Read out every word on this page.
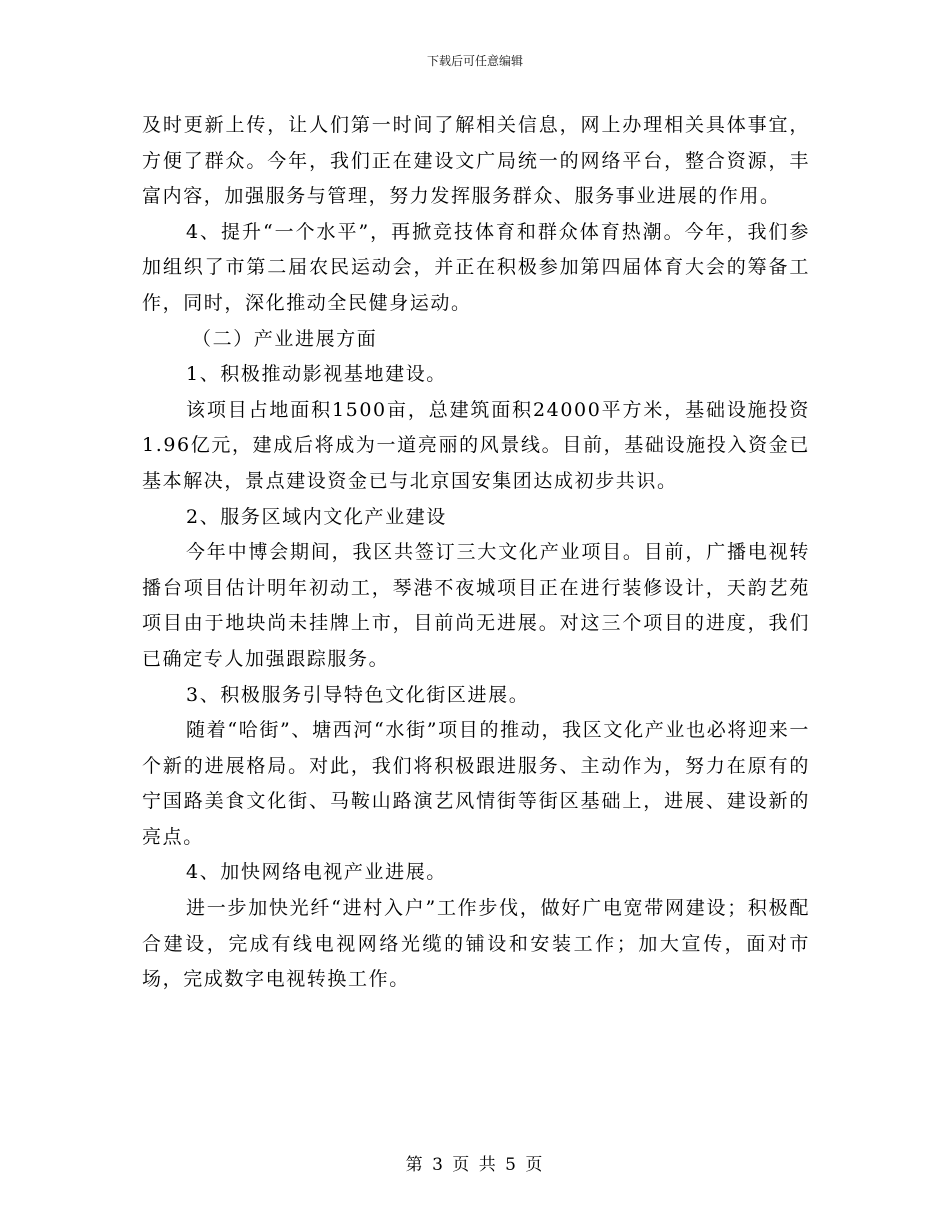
下载后可任意编辑

及时更新上传，让人们第一时间了解相关信息，网上办理相关具体事宜，方便了群众。今年，我们正在建设文广局统一的网络平台，整合资源，丰富内容，加强服务与管理，努力发挥服务群众、服务事业进展的作用。

4、提升“一个水平”，再掀竞技体育和群众体育热潮。今年，我们参加组织了市第二届农民运动会，并正在积极参加第四届体育大会的筹备工作，同时，深化推动全民健身运动。

（二）产业进展方面

1、积极推动影视基地建设。

该项目占地面积1500亩，总建筑面积24000平方米，基础设施投资1.96亿元，建成后将成为一道亮丽的风景线。目前，基础设施投入资金已基本解决，景点建设资金已与北京国安集团达成初步共识。

2、服务区域内文化产业建设

今年中博会期间，我区共签订三大文化产业项目。目前，广播电视转播台项目估计明年初动工，琴港不夜城项目正在进行装修设计，天韵艺苑项目由于地块尚未挂牌上市，目前尚无进展。对这三个项目的进度，我们已确定专人加强跟踪服务。

3、积极服务引导特色文化街区进展。

随着“哈街”、塘西河“水街”项目的推动，我区文化产业也必将迎来一个新的进展格局。对此，我们将积极跟进服务、主动作为，努力在原有的宁国路美食文化街、马鞍山路演艺风情街等街区基础上，进展、建设新的亮点。

4、加快网络电视产业进展。

进一步加快光纤“进村入户”工作步伐，做好广电宽带网建设；积极配合建设，完成有线电视网络光缆的铺设和安装工作；加大宣传，面对市场，完成数字电视转换工作。

第 3 页 共 5 页
